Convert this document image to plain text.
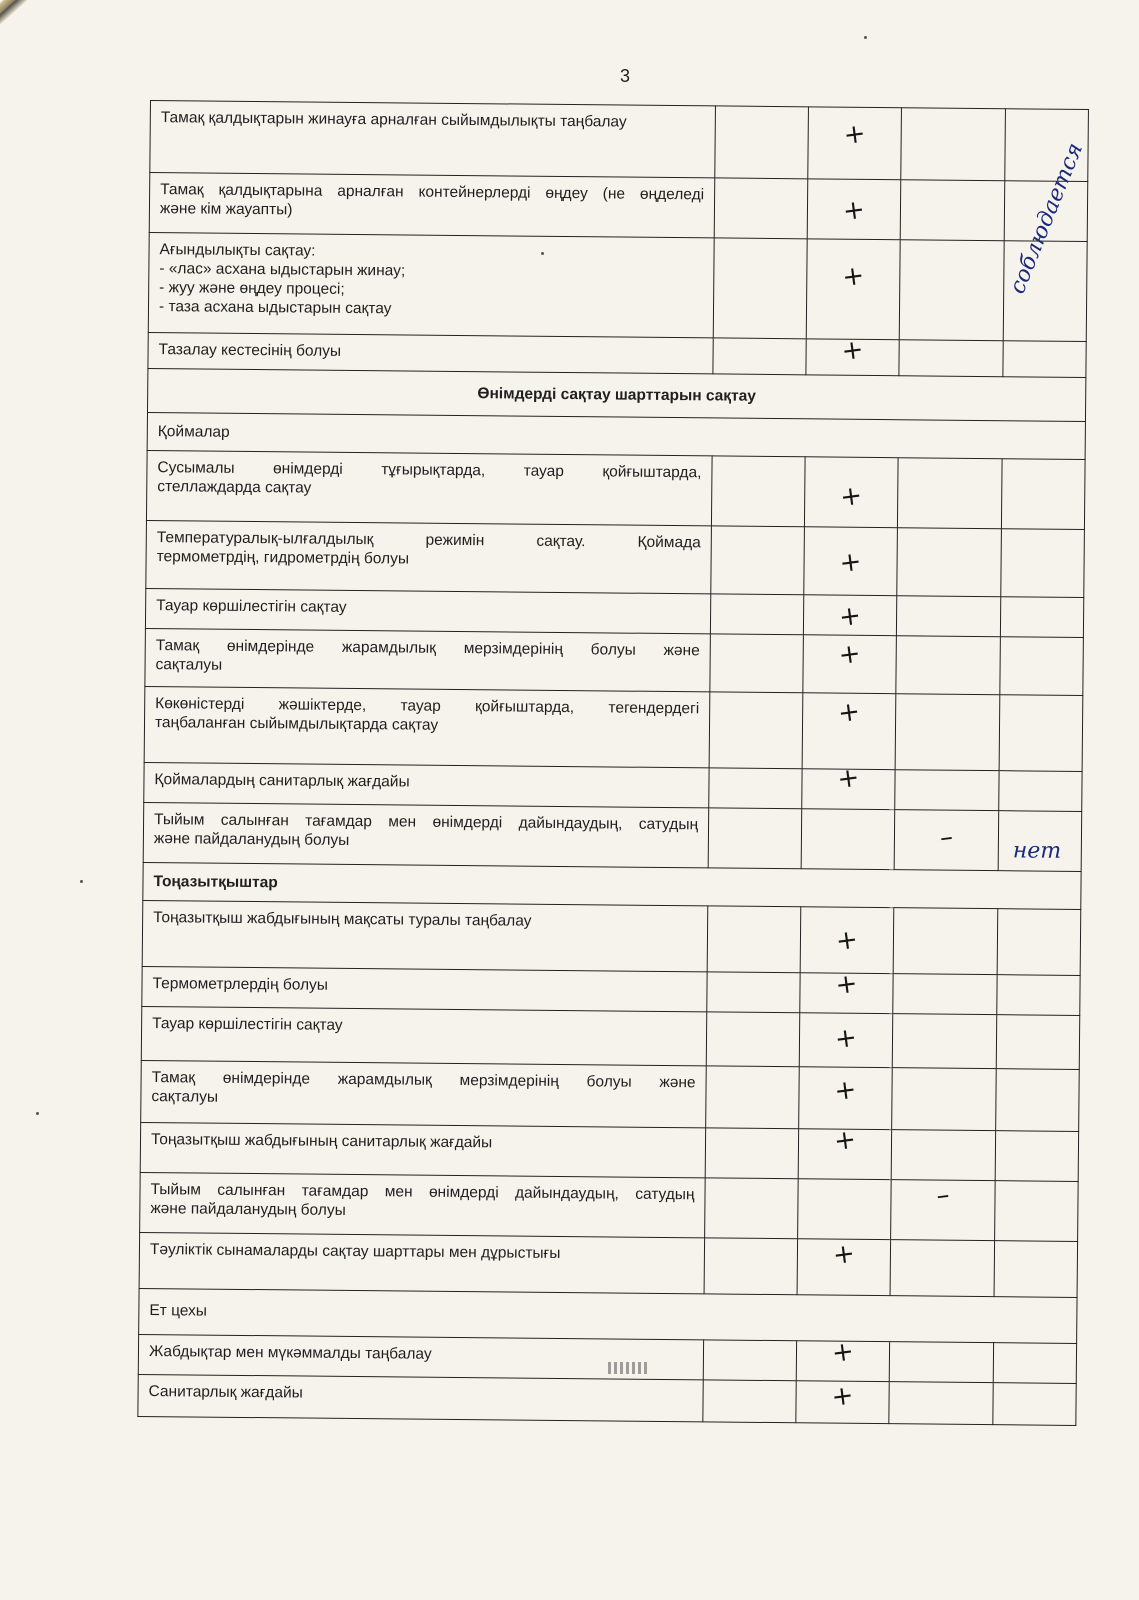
3
Тамақ қалдықтарын жинауға арналған сыйымдылықты таңбалау		+		

Тамақ қалдықтарына арналған контейнерлерді өңдеу (не өңделеді
және кім жауапты)		+		

Ағындылықты сақтау:
- «лас» асхана ыдыстарын жинау;
- жуу және өңдеу процесі;
- таза асхана ыдыстарын сақтау		+		

Тазалау кестесінің болуы		+		

Өнімдерді сақтау шарттарын сақтау				
Қоймалар				

Сусымалы өнімдерді тұғырықтарда, тауар қойғыштарда,
стеллаждарда сақтау		+		

Температуралық-ылғалдылық режимін сақтау. Қоймада
термометрдің, гидрометрдің болуы		+		

Тауар көршілестігін сақтау		+		

Тамақ өнімдерінде жарамдылық мерзімдерінің болуы және
сақталуы		+		

Көкөністерді жәшіктерде, тауар қойғыштарда, тегендердегі
таңбаланған сыйымдылықтарда сақтау		+		

Қоймалардың санитарлық жағдайы		+		

Тыйым салынған тағамдар мен өнімдерді дайындаудың, сатудың
және пайдаланудың болуы			–	нет

Тоңазытқыштар				

Тоңазытқыш жабдығының мақсаты туралы таңбалау		+		

Термометрлердің болуы		+		

Тауар көршілестігін сақтау		+		

Тамақ өнімдерінде жарамдылық мерзімдерінің болуы және
сақталуы		+		

Тоңазытқыш жабдығының санитарлық жағдайы		+		

Тыйым салынған тағамдар мен өнімдерді дайындаудың, сатудың
және пайдаланудың болуы			–	

Тәуліктік сынамаларды сақтау шарттары мен дұрыстығы		+		

Ет цехы				

Жабдықтар мен мүкәммалды таңбалау		+		

Санитарлық жағдайы		+		

соблюдается
